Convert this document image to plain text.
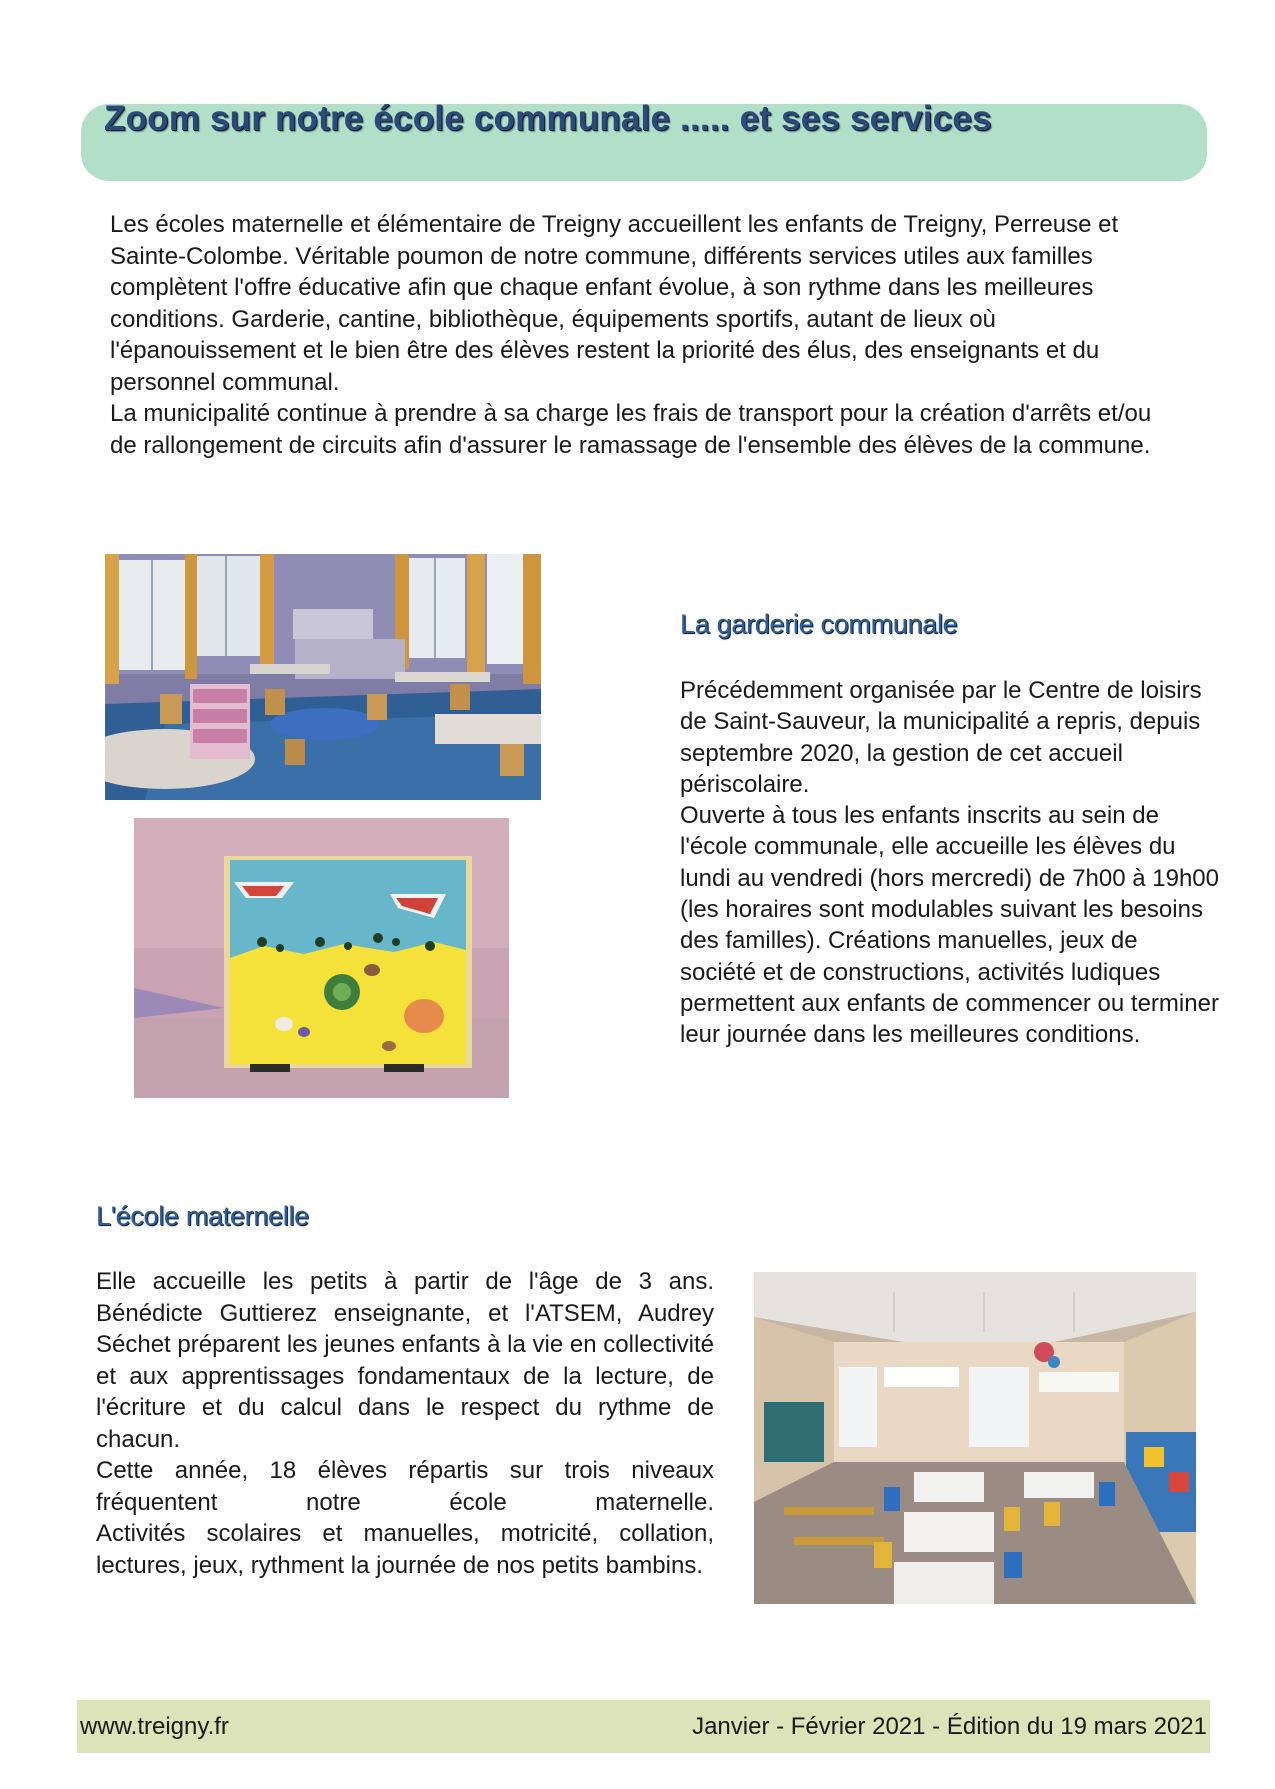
Zoom sur notre école communale ..... et ses services

Les écoles maternelle et élémentaire de Treigny accueillent les enfants de Treigny, Perreuse et Sainte-Colombe. Véritable poumon de notre commune, différents services utiles aux familles complètent l'offre éducative afin que chaque enfant évolue, à son rythme dans les meilleures conditions. Garderie, cantine, bibliothèque, équipements sportifs, autant de lieux où l'épanouissement et le bien être des élèves restent la priorité des élus, des enseignants et du personnel communal.

La municipalité continue à prendre à sa charge les frais de transport pour la création d'arrêts et/ou de rallongement de circuits afin d'assurer le ramassage de l'ensemble des élèves de la commune.

La garderie communale

Précédemment organisée par le Centre de loisirs de Saint-Sauveur, la municipalité a repris, depuis septembre 2020, la gestion de cet accueil périscolaire.

Ouverte à tous les enfants inscrits au sein de l'école communale, elle accueille les élèves du lundi au vendredi (hors mercredi) de 7h00 à 19h00 (les horaires sont modulables suivant les besoins des familles). Créations manuelles, jeux de société et de constructions, activités ludiques permettent aux enfants de commencer ou terminer leur journée dans les meilleures conditions.

L'école maternelle

Elle accueille les petits à partir de l'âge de 3 ans. Bénédicte Guttierez enseignante, et l'ATSEM, Audrey Séchet préparent les jeunes enfants à la vie en collectivité et aux apprentissages fondamentaux de la lecture, de l'écriture et du calcul dans le respect du rythme de chacun.

Cette année, 18 élèves répartis sur trois niveaux fréquentent notre école maternelle.

Activités scolaires et manuelles, motricité, collation, lectures, jeux, rythment la journée de nos petits bambins.

www.treigny.fr	Janvier - Février 2021 - Édition du 19 mars 2021
